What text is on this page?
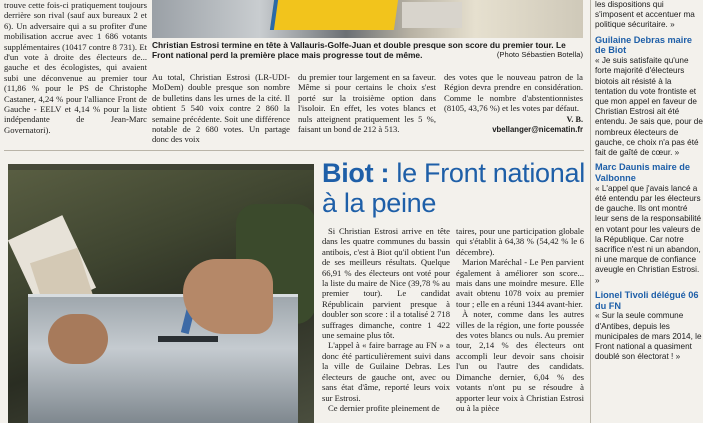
trouve cette fois-ci pratiquement toujours derrière son rival (sauf aux bureaux 2 et 6). Un adversaire qui a su profiter d'une mobilisation accrue avec 1 686 votants supplémentaires (10417 contre 8 731). Et d'un vote à droite des électeurs de... gauche et des écologistes, qui avaient subi une déconvenue au premier tour (11,86 % pour le PS de Christophe Castaner, 4,24 % pour l'alliance Front de Gauche - EELV et 4,14 % pour la liste indépendante de Jean-Marc Governatori).

Christian Estrosi termine en tête à Vallauris-Golfe-Juan et double presque son score du premier tour. Le Front national perd la première place mais progresse tout de même.	(Photo Sébastien Botella)

Au total, Christian Estrosi (LR-UDI-MoDem) double presque son nombre de bulletins dans les urnes de la cité. Il obtient 5 540 voix contre 2 860 la semaine précédente. Soit une différence notable de 2 680 votes. Un partage donc des voix

du premier tour largement en sa faveur. Même si pour certains le choix s'est porté sur la troisième option dans l'isoloir. En effet, les votes blancs et nuls atteignent pratiquement les 5 %, faisant un bond de 212 à 513.

des votes que le nouveau patron de la Région devra prendre en considération. Comme le nombre d'abstentionnistes (8105, 43,76 %) et les votes par défaut.

V. B.
vbellanger@nicematin.fr
Biot : le Front national à la peine
Si Christian Estrosi arrive en tête dans les quatre communes du bassin antibois, c'est à Biot qu'il obtient l'un de ses meilleurs résultats. Quelque 66,91 % des électeurs ont voté pour la liste du maire de Nice (39,78 % au premier tour). Le candidat Républicain parvient presque à doubler son score : il a totalisé 2 718 suffrages dimanche, contre 1 422 une semaine plus tôt.
L'appel à « faire barrage au FN » a donc été particulièrement suivi dans la ville de Guilaine Debras. Les électeurs de gauche ont, avec ou sans état d'âme, reporté leurs voix sur Estrosi.
Ce dernier profite pleinement de
taires, pour une participation globale qui s'établit à 64,38 % (54,42 % le 6 décembre).
Marion Maréchal - Le Pen parvient également à améliorer son score... mais dans une moindre mesure. Elle avait obtenu 1078 voix au premier tour ; elle en a réuni 1344 avant-hier.
À noter, comme dans les autres villes de la région, une forte poussée des votes blancs ou nuls. Au premier tour, 2,14 % des électeurs ont accompli leur devoir sans choisir l'un ou l'autre des candidats. Dimanche dernier, 6,04 % des votants n'ont pu se résoudre à apporter leur voix à Christian Estrosi ou à la pièce
les dispositions qui s'imposent et accentuer ma politique sécuritaire. »
Guilaine Debras maire de Biot
« Je suis satisfaite qu'une forte majorité d'électeurs biotois ait résisté à la tentation du vote frontiste et que mon appel en faveur de Christian Estrosi ait été entendu. Je sais que, pour de nombreux électeurs de gauche, ce choix n'a pas été fait de gaîté de cœur. »
Marc Daunis maire de Valbonne
« L'appel que j'avais lancé a été entendu par les électeurs de gauche. Ils ont montré leur sens de la responsabilité en votant pour les valeurs de la République. Car notre sacrifice n'est ni un abandon, ni une marque de confiance aveugle en Christian Estrosi. »
Lionel Tivoli délégué 06 du FN
« Sur la seule commune d'Antibes, depuis les municipales de mars 2014, le Front national a quasiment doublé son électorat ! »
